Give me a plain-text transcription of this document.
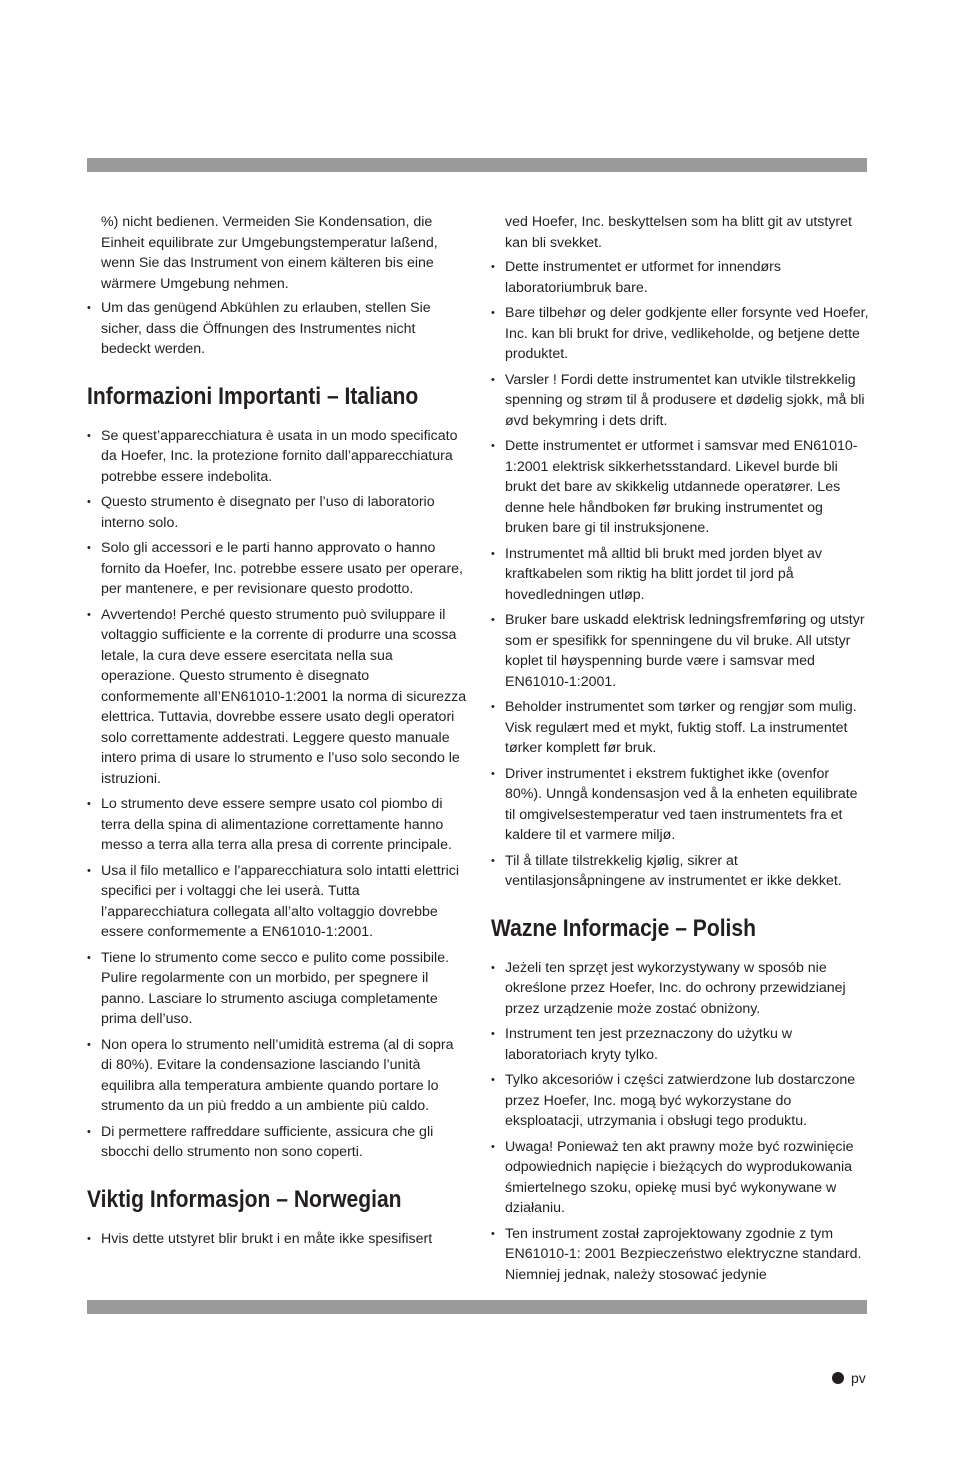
%) nicht bedienen. Vermeiden Sie Kondensation, die Einheit equilibrate zur Umgebungstemperatur laßend, wenn Sie das Instrument von einem kälteren bis eine wärmere Umgebung nehmen.

• Um das genügend Abkühlen zu erlauben, stellen Sie sicher, dass die Öffnungen des Instrumentes nicht bedeckt werden.
Informazioni Importanti – Italiano
• Se quest’apparecchiatura è usata in un modo specificato da Hoefer, Inc. la protezione fornito dall’apparecchiatura potrebbe essere indebolita.
• Questo strumento è disegnato per l’uso di laboratorio interno solo.
• Solo gli accessori e le parti hanno approvato o hanno fornito da Hoefer, Inc. potrebbe essere usato per operare, per mantenere, e per revisionare questo prodotto.
• Avvertendo! Perché questo strumento può sviluppare il voltaggio sufficiente e la corrente di produrre una scossa letale, la cura deve essere esercitata nella sua operazione. Questo strumento è disegnato conformemente all’EN61010-1:2001 la norma di sicurezza elettrica. Tuttavia, dovrebbe essere usato degli operatori solo correttamente addestrati. Leggere questo manuale intero prima di usare lo strumento e l’uso solo secondo le istruzioni.
• Lo strumento deve essere sempre usato col piombo di terra della spina di alimentazione correttamente hanno messo a terra alla terra alla presa di corrente principale.
• Usa il filo metallico e l’apparecchiatura solo intatti elettrici specifici per i voltaggi che lei userà. Tutta l’apparecchiatura collegata all’alto voltaggio dovrebbe essere conformemente a EN61010-1:2001.
• Tiene lo strumento come secco e pulito come possibile. Pulire regolarmente con un morbido, per spegnere il panno. Lasciare lo strumento asciuga completamente prima dell’uso.
• Non opera lo strumento nell’umidità estrema (al di sopra di 80%). Evitare la condensazione lasciando l’unità equilibra alla temperatura ambiente quando portare lo strumento da un più freddo a un ambiente più caldo.
• Di permettere raffreddare sufficiente, assicura che gli sbocchi dello strumento non sono coperti.
Viktig Informasjon – Norwegian
• Hvis dette utstyret blir brukt i en måte ikke spesifisert

ved Hoefer, Inc. beskyttelsen som ha blitt git av utstyret kan bli svekket.

• Dette instrumentet er utformet for innendørs laboratoriumbruk bare.
• Bare tilbehør og deler godkjente eller forsynte ved Hoefer, Inc. kan bli brukt for drive, vedlikeholde, og betjene dette produktet.
• Varsler ! Fordi dette instrumentet kan utvikle tilstrekkelig spenning og strøm til å produsere et dødelig sjokk, må bli øvd bekymring i dets drift.
• Dette instrumentet er utformet i samsvar med EN61010-1:2001 elektrisk sikkerhetsstandard. Likevel burde bli brukt det bare av skikkelig utdannede operatører. Les denne hele håndboken før bruking instrumentet og bruken bare gi til instruksjonene.
• Instrumentet må alltid bli brukt med jorden blyet av kraftkabelen som riktig ha blitt jordet til jord på hovedledningen utløp.
• Bruker bare uskadd elektrisk ledningsfremføring og utstyr som er spesifikk for spenningene du vil bruke. All utstyr koplet til høyspenning burde være i samsvar med EN61010-1:2001.
• Beholder instrumentet som tørker og rengjør som mulig. Visk regulært med et mykt, fuktig stoff. La instrumentet tørker komplett før bruk.
• Driver instrumentet i ekstrem fuktighet ikke (ovenfor 80%). Unngå kondensasjon ved å la enheten equilibrate til omgivelsestemperatur ved taen instrumentets fra et kaldere til et varmere miljø.
• Til å tillate tilstrekkelig kjølig, sikrer at ventilasjonsåpningene av instrumentet er ikke dekket.
Wazne Informacje – Polish
• Jeżeli ten sprzęt jest wykorzystywany w sposób nie określone przez Hoefer, Inc. do ochrony przewidzianej przez urządzenie może zostać obniżony.
• Instrument ten jest przeznaczony do użytku w laboratoriach kryty tylko.
• Tylko akcesoriów i części zatwierdzone lub dostarczone przez Hoefer, Inc. mogą być wykorzystane do eksploatacji, utrzymania i obsługi tego produktu.
• Uwaga! Ponieważ ten akt prawny może być rozwinięcie odpowiednich napięcie i bieżących do wyprodukowania śmiertelnego szoku, opiekę musi być wykonywane w działaniu.
• Ten instrument został zaprojektowany zgodnie z tym EN61010-1: 2001 Bezpieczeństwo elektryczne standard. Niemniej jednak, należy stosować jedynie
pv
